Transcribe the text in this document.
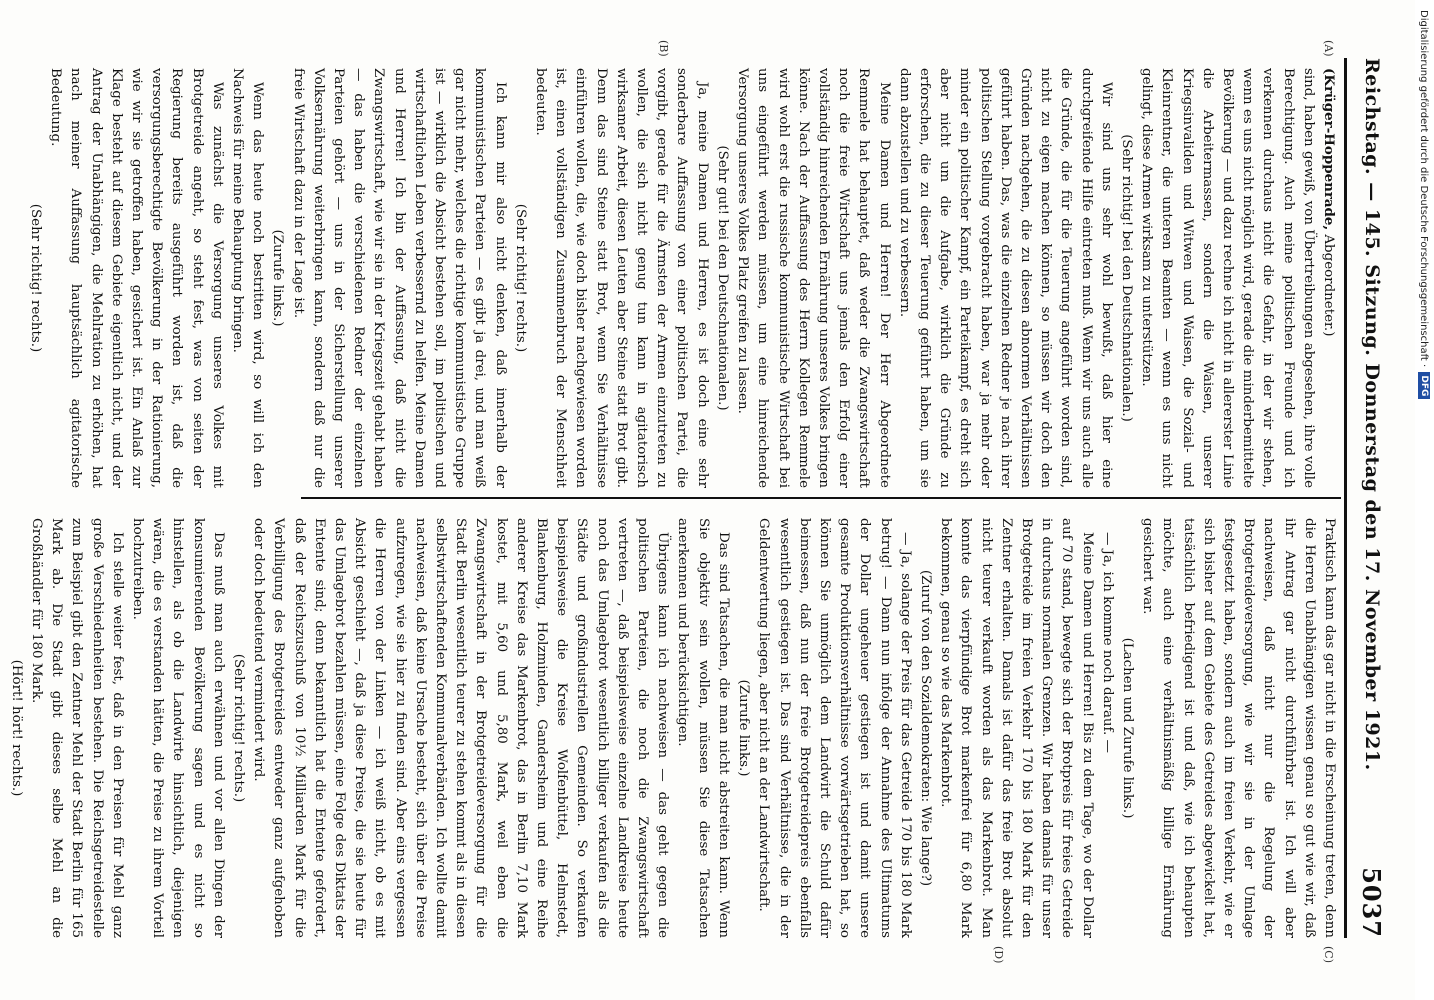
Reichstag. — 145. Sitzung. Donnerstag den 17. November 1921.
5037
(A)
(B)
(C)
(D)

(Krüger-Hoppenrade, Abgeordneter.)

sind, haben gewiß, von Übertreibungen abgesehen, ihre volle Berechtigung. Auch meine politischen Freunde und ich verkennen durchaus nicht die Gefahr, in der wir stehen, wenn es uns nicht möglich wird, gerade die minderbemittelte Bevölkerung — und dazu rechne ich nicht in allererster Linie die Arbeitermassen, sondern die Waisen, unserer Kriegsinvaliden und Witwen und Waisen, die Sozial- und Kleinrentner, die unteren Beamten — wenn es uns nicht gelingt, diese Armen wirksam zu unterstützen.

(Sehr richtig! bei den Deutschnationalen.)

Wir sind uns sehr wohl bewußt, daß hier eine durchgreifende Hilfe eintreten muß. Wenn wir uns auch alle die Gründe, die für die Teuerung angeführt worden sind, nicht zu eigen machen können, so müssen wir doch den Gründen nachgehen, die zu diesen abnormen Verhältnissen geführt haben. Das, was die einzelnen Redner je nach ihrer politischen Stellung vorgebracht haben, war ja mehr oder minder ein politischer Kampf, ein Parteikampf, es dreht sich aber nicht um die Aufgabe, wirklich die Gründe zu erforschen, die zu dieser Teuerung geführt haben, um sie dann abzustellen und zu verbessern.

Meine Damen und Herren! Der Herr Abgeordnete Remmele hat behauptet, daß weder die Zwangswirtschaft noch die freie Wirtschaft uns jemals den Erfolg einer vollständig hinreichenden Ernährung unseres Volkes bringen könne. Nach der Auffassung des Herrn Kollegen Remmele wird wohl erst die russische kommunistische Wirtschaft bei uns eingeführt werden müssen, um eine hinreichende Versorgung unseres Volkes Platz greifen zu lassen.

(Sehr gut! bei den Deutschnationalen.)

Ja, meine Damen und Herren, es ist doch eine sehr sonderbare Auffassung von einer politischen Partei, die vorgibt, gerade für die Ärmsten der Armen einzutreten zu wollen, die sich nicht genug tun kann in agitatorisch wirksamer Arbeit, diesen Leuten aber Steine statt Brot gibt. Denn das sind Steine statt Brot, wenn Sie Verhältnisse einführen wollen, die, wie doch bisher nachgewiesen worden ist, einen vollständigen Zusammenbruch der Menschheit bedeuten.

(Sehr richtig! rechts.)

Ich kann mir also nicht denken, daß innerhalb der kommunistischen Parteien — es gibt ja drei, und man weiß gar nicht mehr, welches die richtige kommunistische Gruppe ist — wirklich die Absicht bestehen soll, im politischen und wirtschaftlichen Leben verbessernd zu helfen. Meine Damen und Herren! Ich bin der Auffassung, daß nicht die Zwangswirtschaft, wie wir sie in der Kriegszeit gehabt haben — das haben die verschiedenen Redner der einzelnen Parteien gehört — uns in der Sicherstellung unserer Volksernährung weiterbringen kann, sondern daß nur die freie Wirtschaft dazu in der Lage ist.

(Zurufe links.)

Wenn das heute noch bestritten wird, so will ich den Nachweis für meine Behauptung bringen.

Was zunächst die Versorgung unseres Volkes mit Brotgetreide angeht, so steht fest, was von seiten der Regierung bereits ausgeführt worden ist, daß die versorgungsberechtigte Bevölkerung in der Rationierung, wie wir sie getroffen haben, gesichert ist. Ein Anlaß zur Klage besteht auf diesem Gebiete eigentlich nicht, und der Antrag der Unabhängigen, die Mehlration zu erhöhen, hat nach meiner Auffassung hauptsächlich agitatorische Bedeutung.

(Sehr richtig! rechts.)

Praktisch kann das gar nicht in die Erscheinung treten, denn die Herren Unabhängigen wissen genau so gut wie wir, daß ihr Antrag gar nicht durchführbar ist. Ich will aber nachweisen, daß nicht nur die Regelung der Brotgetreideversorgung, wie wir sie in der Umlage festgesetzt haben, sondern auch im freien Verkehr, wie er sich bisher auf dem Gebiete des Getreides abgewickelt hat, tatsächlich befriedigend ist und daß, wie ich behaupten möchte, auch eine verhältnismäßig billige Ernährung gesichert war.

(Lachen und Zurufe links.)

— Ja, ich komme noch darauf. —

Meine Damen und Herren! Bis zu dem Tage, wo der Dollar auf 70 stand, bewegte sich der Brotpreis für freies Getreide in durchaus normalen Grenzen. Wir haben damals für unser Brotgetreide im freien Verkehr 170 bis 180 Mark für den Zentner erhalten. Damals ist dafür das freie Brot absolut nicht teurer verkauft worden als das Markenbrot. Man konnte das vierpfündige Brot markenfrei für 6,80 Mark bekommen, genau so wie das Markenbrot.

(Zuruf von den Sozialdemokraten: Wie lange?)

— Ja, solange der Preis für das Getreide 170 bis 180 Mark betrug! — Dann nun infolge der Annahme des Ultimatums der Dollar ungeheuer gestiegen ist und damit unsere gesamte Produktionsverhältnisse vorwärtsgetrieben hat, so können Sie unmöglich dem Landwirt die Schuld dafür beimessen, daß nun der freie Brotgetreidepreis ebenfalls wesentlich gestiegen ist. Das sind Verhältnisse, die in der Geldentwertung liegen, aber nicht an der Landwirtschaft.

(Zurufe links.)

Das sind Tatsachen, die man nicht abstreiten kann. Wenn Sie objektiv sein wollen, müssen Sie diese Tatsachen anerkennen und berücksichtigen.

Übrigens kann ich nachweisen — das geht gegen die politischen Parteien, die noch die Zwangswirtschaft vertreten —, daß beispielsweise einzelne Landkreise heute noch das Umlagebrot wesentlich billiger verkaufen als die Städte und großindustriellen Gemeinden. So verkaufen beispielsweise die Kreise Wolfenbüttel, Helmstedt, Blankenburg, Holzminden, Gandersheim und eine Reihe anderer Kreise das Markenbrot, das in Berlin 7,10 Mark kostet, mit 5,60 und 5,80 Mark, weil eben die Zwangswirtschaft in der Brotgetreideversorgung für die Stadt Berlin wesentlich teurer zu stehen kommt als in diesen selbstwirtschaftenden Kommunalverbänden. Ich wollte damit nachweisen, daß keine Ursache besteht, sich über die Preise aufzuregen, wie sie hier zu finden sind. Aber eins vergessen die Herren von der Linken — ich weiß nicht, ob es mit Absicht geschieht —, daß ja diese Preise, die sie heute für das Umlagebrot bezahlen müssen, eine Folge des Diktats der Entente sind; denn bekanntlich hat die Entente gefordert, daß der Reichszuschuß von 10½ Milliarden Mark für die Verbilligung des Brotgetreides entweder ganz aufgehoben oder doch bedeutend vermindert wird.

(Sehr richtig! rechts.)

Das muß man auch erwähnen und vor allen Dingen der konsumierenden Bevölkerung sagen und es nicht so hinstellen, als ob die Landwirte hinsichtlich, diejenigen wären, die es verstanden hätten, die Preise zu ihrem Vorteil hochzutreiben.

Ich stelle weiter fest, daß in den Preisen für Mehl ganz große Verschiedenheiten bestehen. Die Reichsgetreidestelle zum Beispiel gibt den Zentner Mehl der Stadt Berlin für 165 Mark ab. Die Stadt gibt dieses selbe Mehl an die Großhändler für 180 Mark.

(Hört! hört! rechts.)

Digitalisierung gefördert durch die Deutsche Forschungsgemeinschaft
·
DFG
